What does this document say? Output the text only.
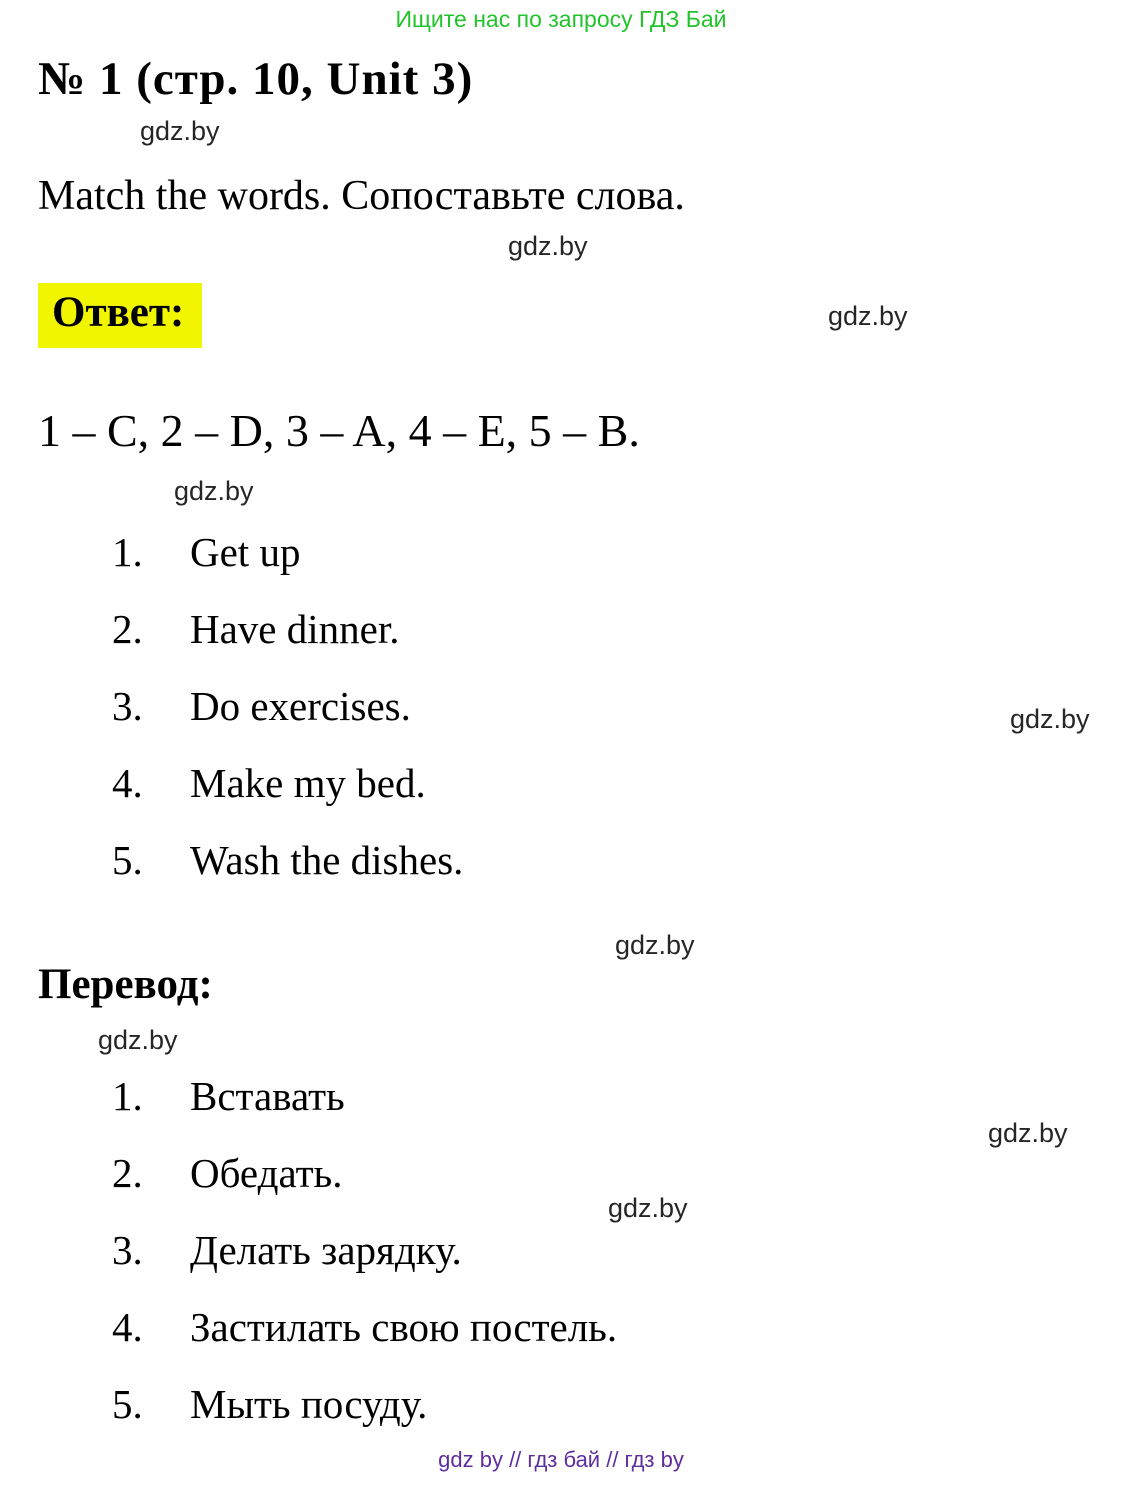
Ищите нас по запросу ГДЗ Бай
№ 1 (стр. 10, Unit 3)
Match the words. Сопоставьте слова.
Ответ:
1 – C, 2 – D, 3 – A, 4 – E, 5 – B.
1.	Get up
2.	Have dinner.
3.	Do exercises.
4.	Make my bed.
5.	Wash the dishes.
Перевод:
1.	Вставать
2.	Обедать.
3.	Делать зарядку.
4.	Застилать свою постель.
5.	Мыть посуду.
gdz.by
gdz.by
gdz.by
gdz.by
gdz.by
gdz.by
gdz.by
gdz.by
gdz.by
gdz by // гдз бай // гдз by
